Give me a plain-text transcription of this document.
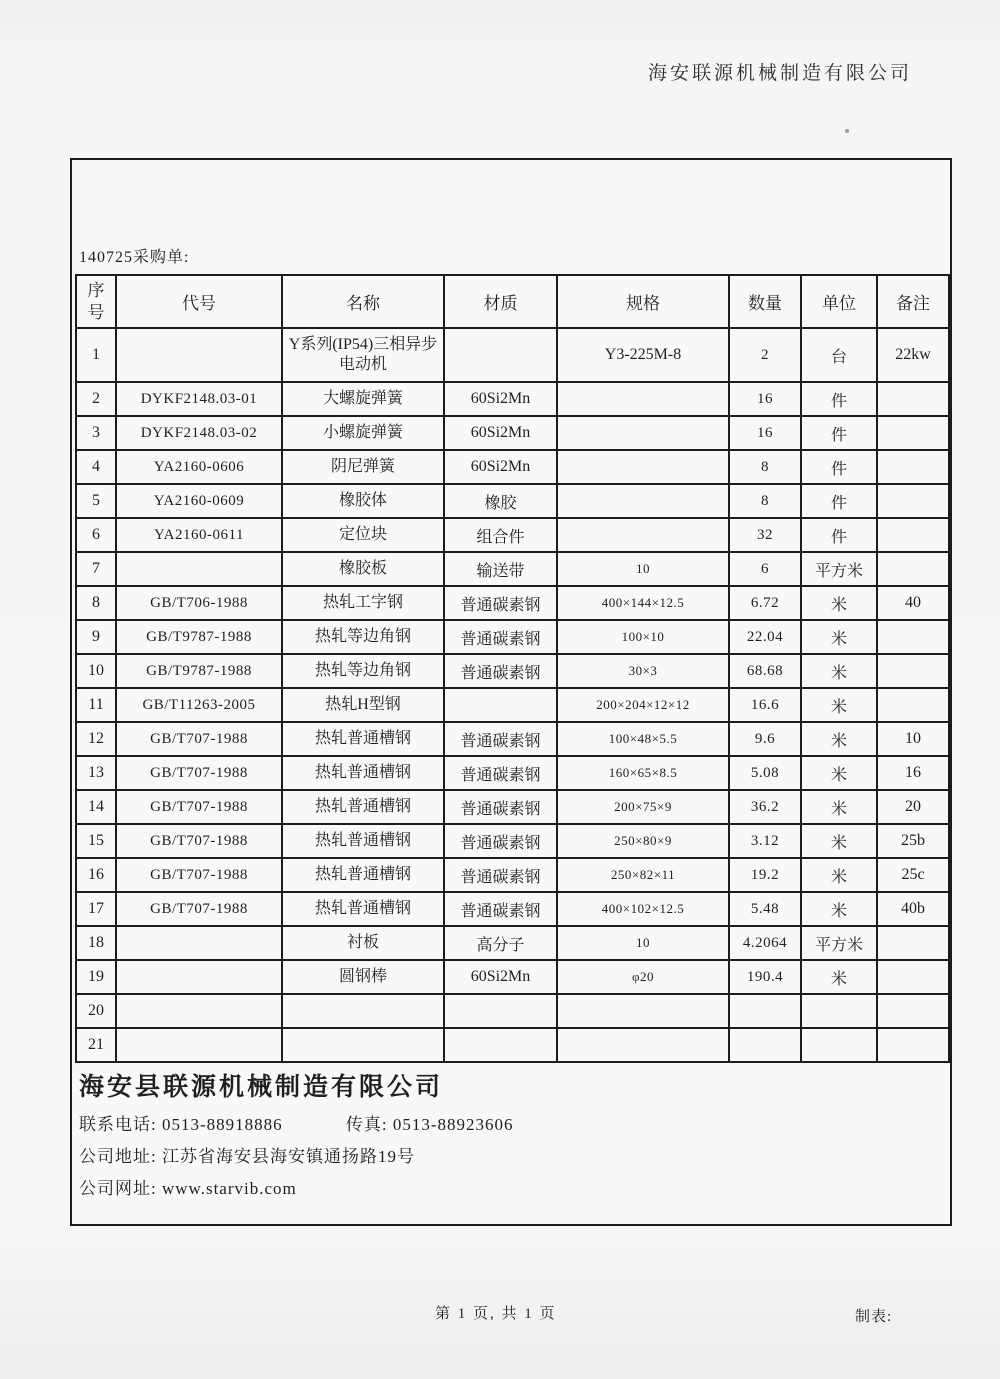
海安联源机械制造有限公司
140725采购单:
序号	代号	名称	材质	规格	数量	单位	备注
1		Y系列(IP54)三相异步电动机		Y3-225M-8	2	台	22kw
2	DYKF2148.03-01	大螺旋弹簧	60Si2Mn		16	件	
3	DYKF2148.03-02	小螺旋弹簧	60Si2Mn		16	件	
4	YA2160-0606	阴尼弹簧	60Si2Mn		8	件	
5	YA2160-0609	橡胶体	橡胶		8	件	
6	YA2160-0611	定位块	组合件		32	件	
7		橡胶板	输送带	10	6	平方米	
8	GB/T706-1988	热轧工字钢	普通碳素钢	400×144×12.5	6.72	米	40
9	GB/T9787-1988	热轧等边角钢	普通碳素钢	100×10	22.04	米	
10	GB/T9787-1988	热轧等边角钢	普通碳素钢	30×3	68.68	米	
11	GB/T11263-2005	热轧H型钢		200×204×12×12	16.6	米	
12	GB/T707-1988	热轧普通槽钢	普通碳素钢	100×48×5.5	9.6	米	10
13	GB/T707-1988	热轧普通槽钢	普通碳素钢	160×65×8.5	5.08	米	16
14	GB/T707-1988	热轧普通槽钢	普通碳素钢	200×75×9	36.2	米	20
15	GB/T707-1988	热轧普通槽钢	普通碳素钢	250×80×9	3.12	米	25b
16	GB/T707-1988	热轧普通槽钢	普通碳素钢	250×82×11	19.2	米	25c
17	GB/T707-1988	热轧普通槽钢	普通碳素钢	400×102×12.5	5.48	米	40b
18		衬板	高分子	10	4.2064	平方米	
19		圆钢棒	60Si2Mn	φ20	190.4	米	
20							
21							
海安县联源机械制造有限公司
联系电话: 0513-88918886	传真: 0513-88923606
公司地址: 江苏省海安县海安镇通扬路19号
公司网址: www.starvib.com
第 1 页, 共 1 页	制表:
